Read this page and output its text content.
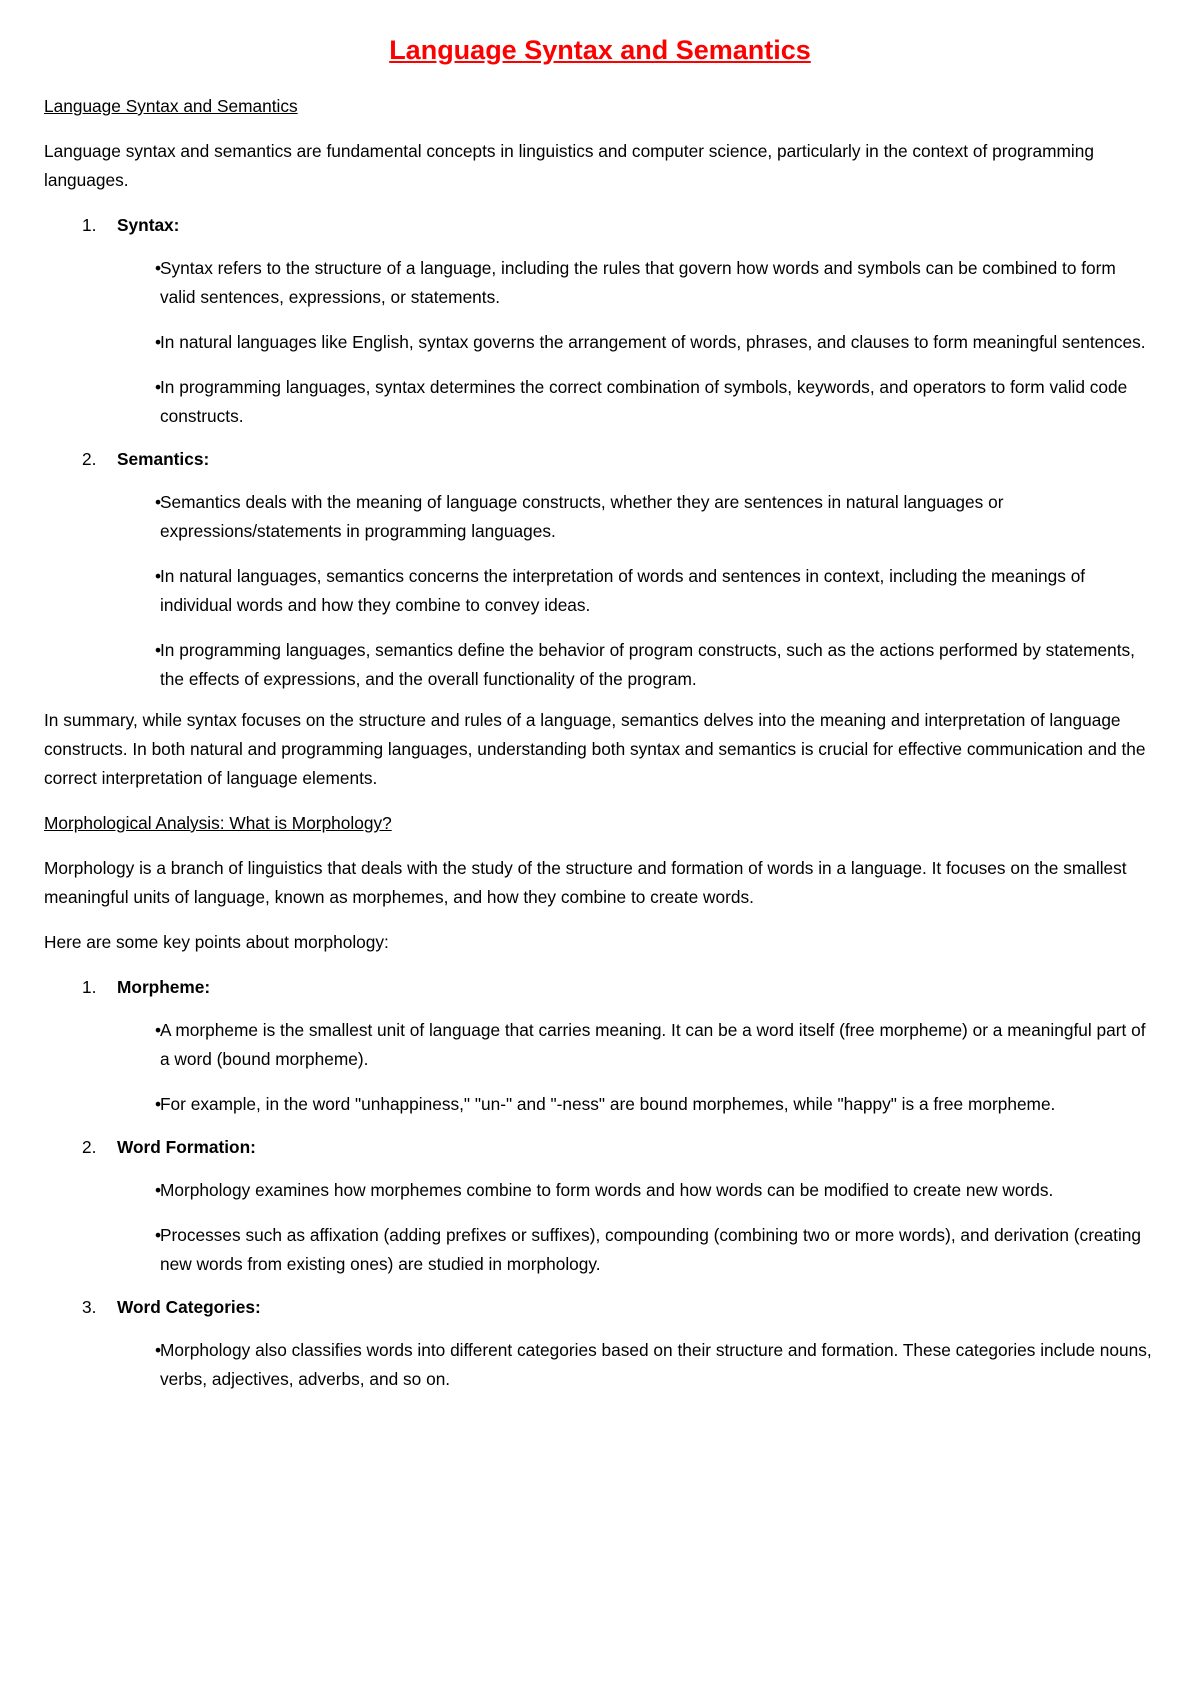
Language Syntax and Semantics

Language Syntax and Semantics

Language syntax and semantics are fundamental concepts in linguistics and computer science, particularly in the context of programming languages.

1. Syntax:
•
Syntax refers to the structure of a language, including the rules that govern how words and symbols can be combined to form valid sentences, expressions, or statements.
•
In natural languages like English, syntax governs the arrangement of words, phrases, and clauses to form meaningful sentences.
•
In programming languages, syntax determines the correct combination of symbols, keywords, and operators to form valid code constructs.
2. Semantics:
•
Semantics deals with the meaning of language constructs, whether they are sentences in natural languages or expressions/statements in programming languages.
•
In natural languages, semantics concerns the interpretation of words and sentences in context, including the meanings of individual words and how they combine to convey ideas.
•
In programming languages, semantics define the behavior of program constructs, such as the actions performed by statements, the effects of expressions, and the overall functionality of the program.

In summary, while syntax focuses on the structure and rules of a language, semantics delves into the meaning and interpretation of language constructs. In both natural and programming languages, understanding both syntax and semantics is crucial for effective communication and the correct interpretation of language elements.

Morphological Analysis: What is Morphology?

Morphology is a branch of linguistics that deals with the study of the structure and formation of words in a language. It focuses on the smallest meaningful units of language, known as morphemes, and how they combine to create words.

Here are some key points about morphology:

1. Morpheme:
•
A morpheme is the smallest unit of language that carries meaning. It can be a word itself (free morpheme) or a meaningful part of a word (bound morpheme).
•
For example, in the word "unhappiness," "un-" and "-ness" are bound morphemes, while "happy" is a free morpheme.
2. Word Formation:
•
Morphology examines how morphemes combine to form words and how words can be modified to create new words.
•
Processes such as affixation (adding prefixes or suffixes), compounding (combining two or more words), and derivation (creating new words from existing ones) are studied in morphology.
3. Word Categories:
•
Morphology also classifies words into different categories based on their structure and formation. These categories include nouns, verbs, adjectives, adverbs, and so on.
